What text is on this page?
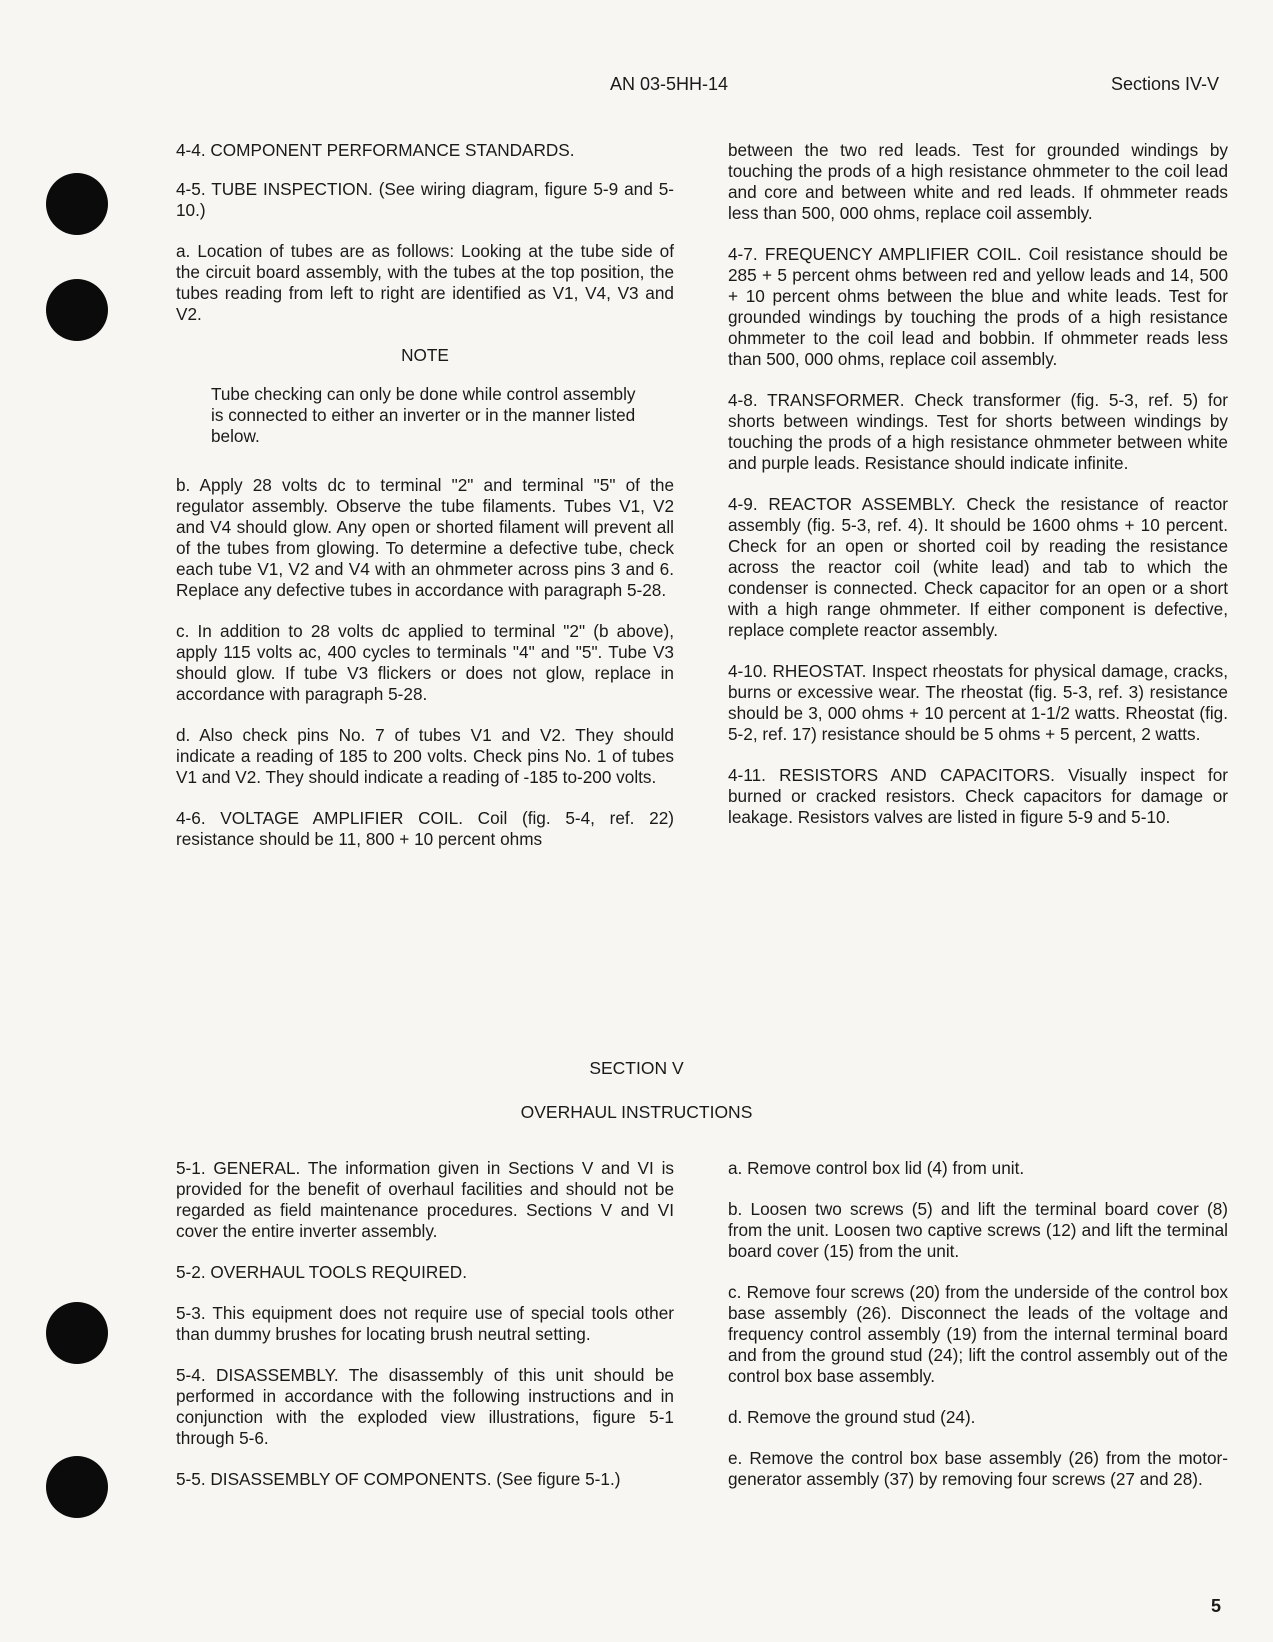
AN 03-5HH-14	Sections IV-V

4-4. COMPONENT PERFORMANCE STANDARDS.

4-5. TUBE INSPECTION. (See wiring diagram, figure 5-9 and 5-10.)

a. Location of tubes are as follows: Looking at the tube side of the circuit board assembly, with the tubes at the top position, the tubes reading from left to right are identified as V1, V4, V3 and V2.

NOTE
Tube checking can only be done while control assembly is connected to either an inverter or in the manner listed below.

b. Apply 28 volts dc to terminal "2" and terminal "5" of the regulator assembly. Observe the tube filaments. Tubes V1, V2 and V4 should glow. Any open or shorted filament will prevent all of the tubes from glowing. To determine a defective tube, check each tube V1, V2 and V4 with an ohmmeter across pins 3 and 6. Replace any defective tubes in accordance with paragraph 5-28.

c. In addition to 28 volts dc applied to terminal "2" (b above), apply 115 volts ac, 400 cycles to terminals "4" and "5". Tube V3 should glow. If tube V3 flickers or does not glow, replace in accordance with paragraph 5-28.

d. Also check pins No. 7 of tubes V1 and V2. They should indicate a reading of 185 to 200 volts. Check pins No. 1 of tubes V1 and V2. They should indicate a reading of -185 to-200 volts.

4-6. VOLTAGE AMPLIFIER COIL. Coil (fig. 5-4, ref. 22) resistance should be 11, 800 + 10 percent ohms

between the two red leads. Test for grounded windings by touching the prods of a high resistance ohmmeter to the coil lead and core and between white and red leads. If ohmmeter reads less than 500, 000 ohms, replace coil assembly.

4-7. FREQUENCY AMPLIFIER COIL. Coil resistance should be 285 + 5 percent ohms between red and yellow leads and 14, 500 + 10 percent ohms between the blue and white leads. Test for grounded windings by touching the prods of a high resistance ohmmeter to the coil lead and bobbin. If ohmmeter reads less than 500, 000 ohms, replace coil assembly.

4-8. TRANSFORMER. Check transformer (fig. 5-3, ref. 5) for shorts between windings. Test for shorts between windings by touching the prods of a high resistance ohmmeter between white and purple leads. Resistance should indicate infinite.

4-9. REACTOR ASSEMBLY. Check the resistance of reactor assembly (fig. 5-3, ref. 4). It should be 1600 ohms + 10 percent. Check for an open or shorted coil by reading the resistance across the reactor coil (white lead) and tab to which the condenser is connected. Check capacitor for an open or a short with a high range ohmmeter. If either component is defective, replace complete reactor assembly.

4-10. RHEOSTAT. Inspect rheostats for physical damage, cracks, burns or excessive wear. The rheostat (fig. 5-3, ref. 3) resistance should be 3, 000 ohms + 10 percent at 1-1/2 watts. Rheostat (fig. 5-2, ref. 17) resistance should be 5 ohms + 5 percent, 2 watts.

4-11. RESISTORS AND CAPACITORS. Visually inspect for burned or cracked resistors. Check capacitors for damage or leakage. Resistors valves are listed in figure 5-9 and 5-10.

SECTION V
OVERHAUL INSTRUCTIONS

5-1. GENERAL. The information given in Sections V and VI is provided for the benefit of overhaul facilities and should not be regarded as field maintenance procedures. Sections V and VI cover the entire inverter assembly.

5-2. OVERHAUL TOOLS REQUIRED.

5-3. This equipment does not require use of special tools other than dummy brushes for locating brush neutral setting.

5-4. DISASSEMBLY. The disassembly of this unit should be performed in accordance with the following instructions and in conjunction with the exploded view illustrations, figure 5-1 through 5-6.

5-5. DISASSEMBLY OF COMPONENTS. (See figure 5-1.)

a. Remove control box lid (4) from unit.

b. Loosen two screws (5) and lift the terminal board cover (8) from the unit. Loosen two captive screws (12) and lift the terminal board cover (15) from the unit.

c. Remove four screws (20) from the underside of the control box base assembly (26). Disconnect the leads of the voltage and frequency control assembly (19) from the internal terminal board and from the ground stud (24); lift the control assembly out of the control box base assembly.

d. Remove the ground stud (24).

e. Remove the control box base assembly (26) from the motor-generator assembly (37) by removing four screws (27 and 28).

5
